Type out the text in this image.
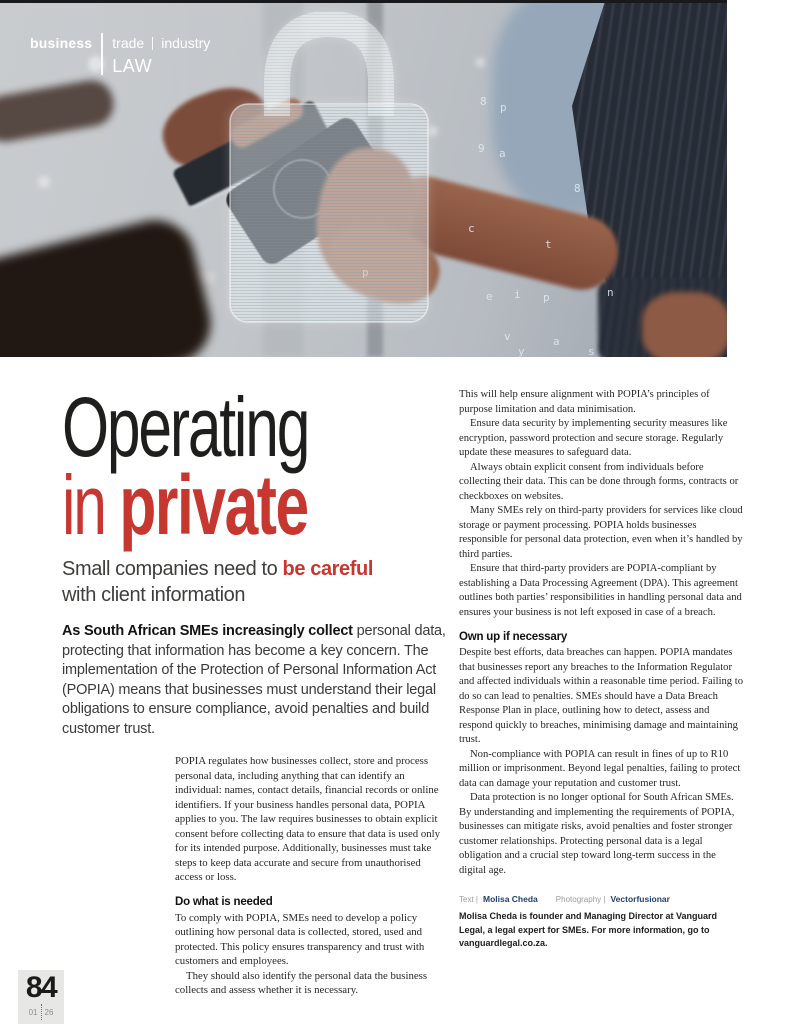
8 p
9 a
8
c
t
p
e i p	n
v	a
s
y
business trade industry
LAW
Operating
in private
Small companies need to be careful
with client information

As South African SMEs increasingly collect personal data, protecting that information has become a key concern. The implementation of the Protection of Personal Information Act (POPIA) means that businesses must understand their legal obligations to ensure compliance, avoid penalties and build customer trust.

POPIA regulates how businesses collect, store and process personal data, including anything that can identify an individual: names, contact details, financial records or online identifiers. If your business handles personal data, POPIA applies to you. The law requires businesses to obtain explicit consent before collecting data to ensure that data is used only for its intended purpose. Additionally, businesses must take steps to keep data accurate and secure from unauthorised access or loss.

Do what is needed

To comply with POPIA, SMEs need to develop a policy outlining how personal data is collected, stored, used and protected. This policy ensures transparency and trust with customers and employees.

They should also identify the personal data the business collects and assess whether it is necessary.

This will help ensure alignment with POPIA’s principles of purpose limitation and data minimisation.

Ensure data security by implementing security measures like encryption, password protection and secure storage. Regularly update these measures to safeguard data.

Always obtain explicit consent from individuals before collecting their data. This can be done through forms, contracts or checkboxes on websites.

Many SMEs rely on third-party providers for services like cloud storage or payment processing. POPIA holds businesses responsible for personal data protection, even when it’s handled by third parties.

Ensure that third-party providers are POPIA-compliant by establishing a Data Processing Agreement (DPA). This agreement outlines both parties’ responsibilities in handling personal data and ensures your business is not left exposed in case of a breach.

Own up if necessary

Despite best efforts, data breaches can happen. POPIA mandates that businesses report any breaches to the Information Regulator and affected individuals within a reasonable time period. Failing to do so can lead to penalties. SMEs should have a Data Breach Response Plan in place, outlining how to detect, assess and respond quickly to breaches, minimising damage and maintaining trust.

Non-compliance with POPIA can result in fines of up to R10 million or imprisonment. Beyond legal penalties, failing to protect data can damage your reputation and customer trust.

Data protection is no longer optional for South African SMEs. By understanding and implementing the requirements of POPIA, businesses can mitigate risks, avoid penalties and foster stronger customer relationships. Protecting personal data is a legal obligation and a crucial step toward long-term success in the digital age.

Text | Molisa Cheda Photography | Vectorfusionar
Molisa Cheda is founder and Managing Director at Vanguard Legal, a legal expert for SMEs. For more information, go to vanguardlegal.co.za.
84
01 26
